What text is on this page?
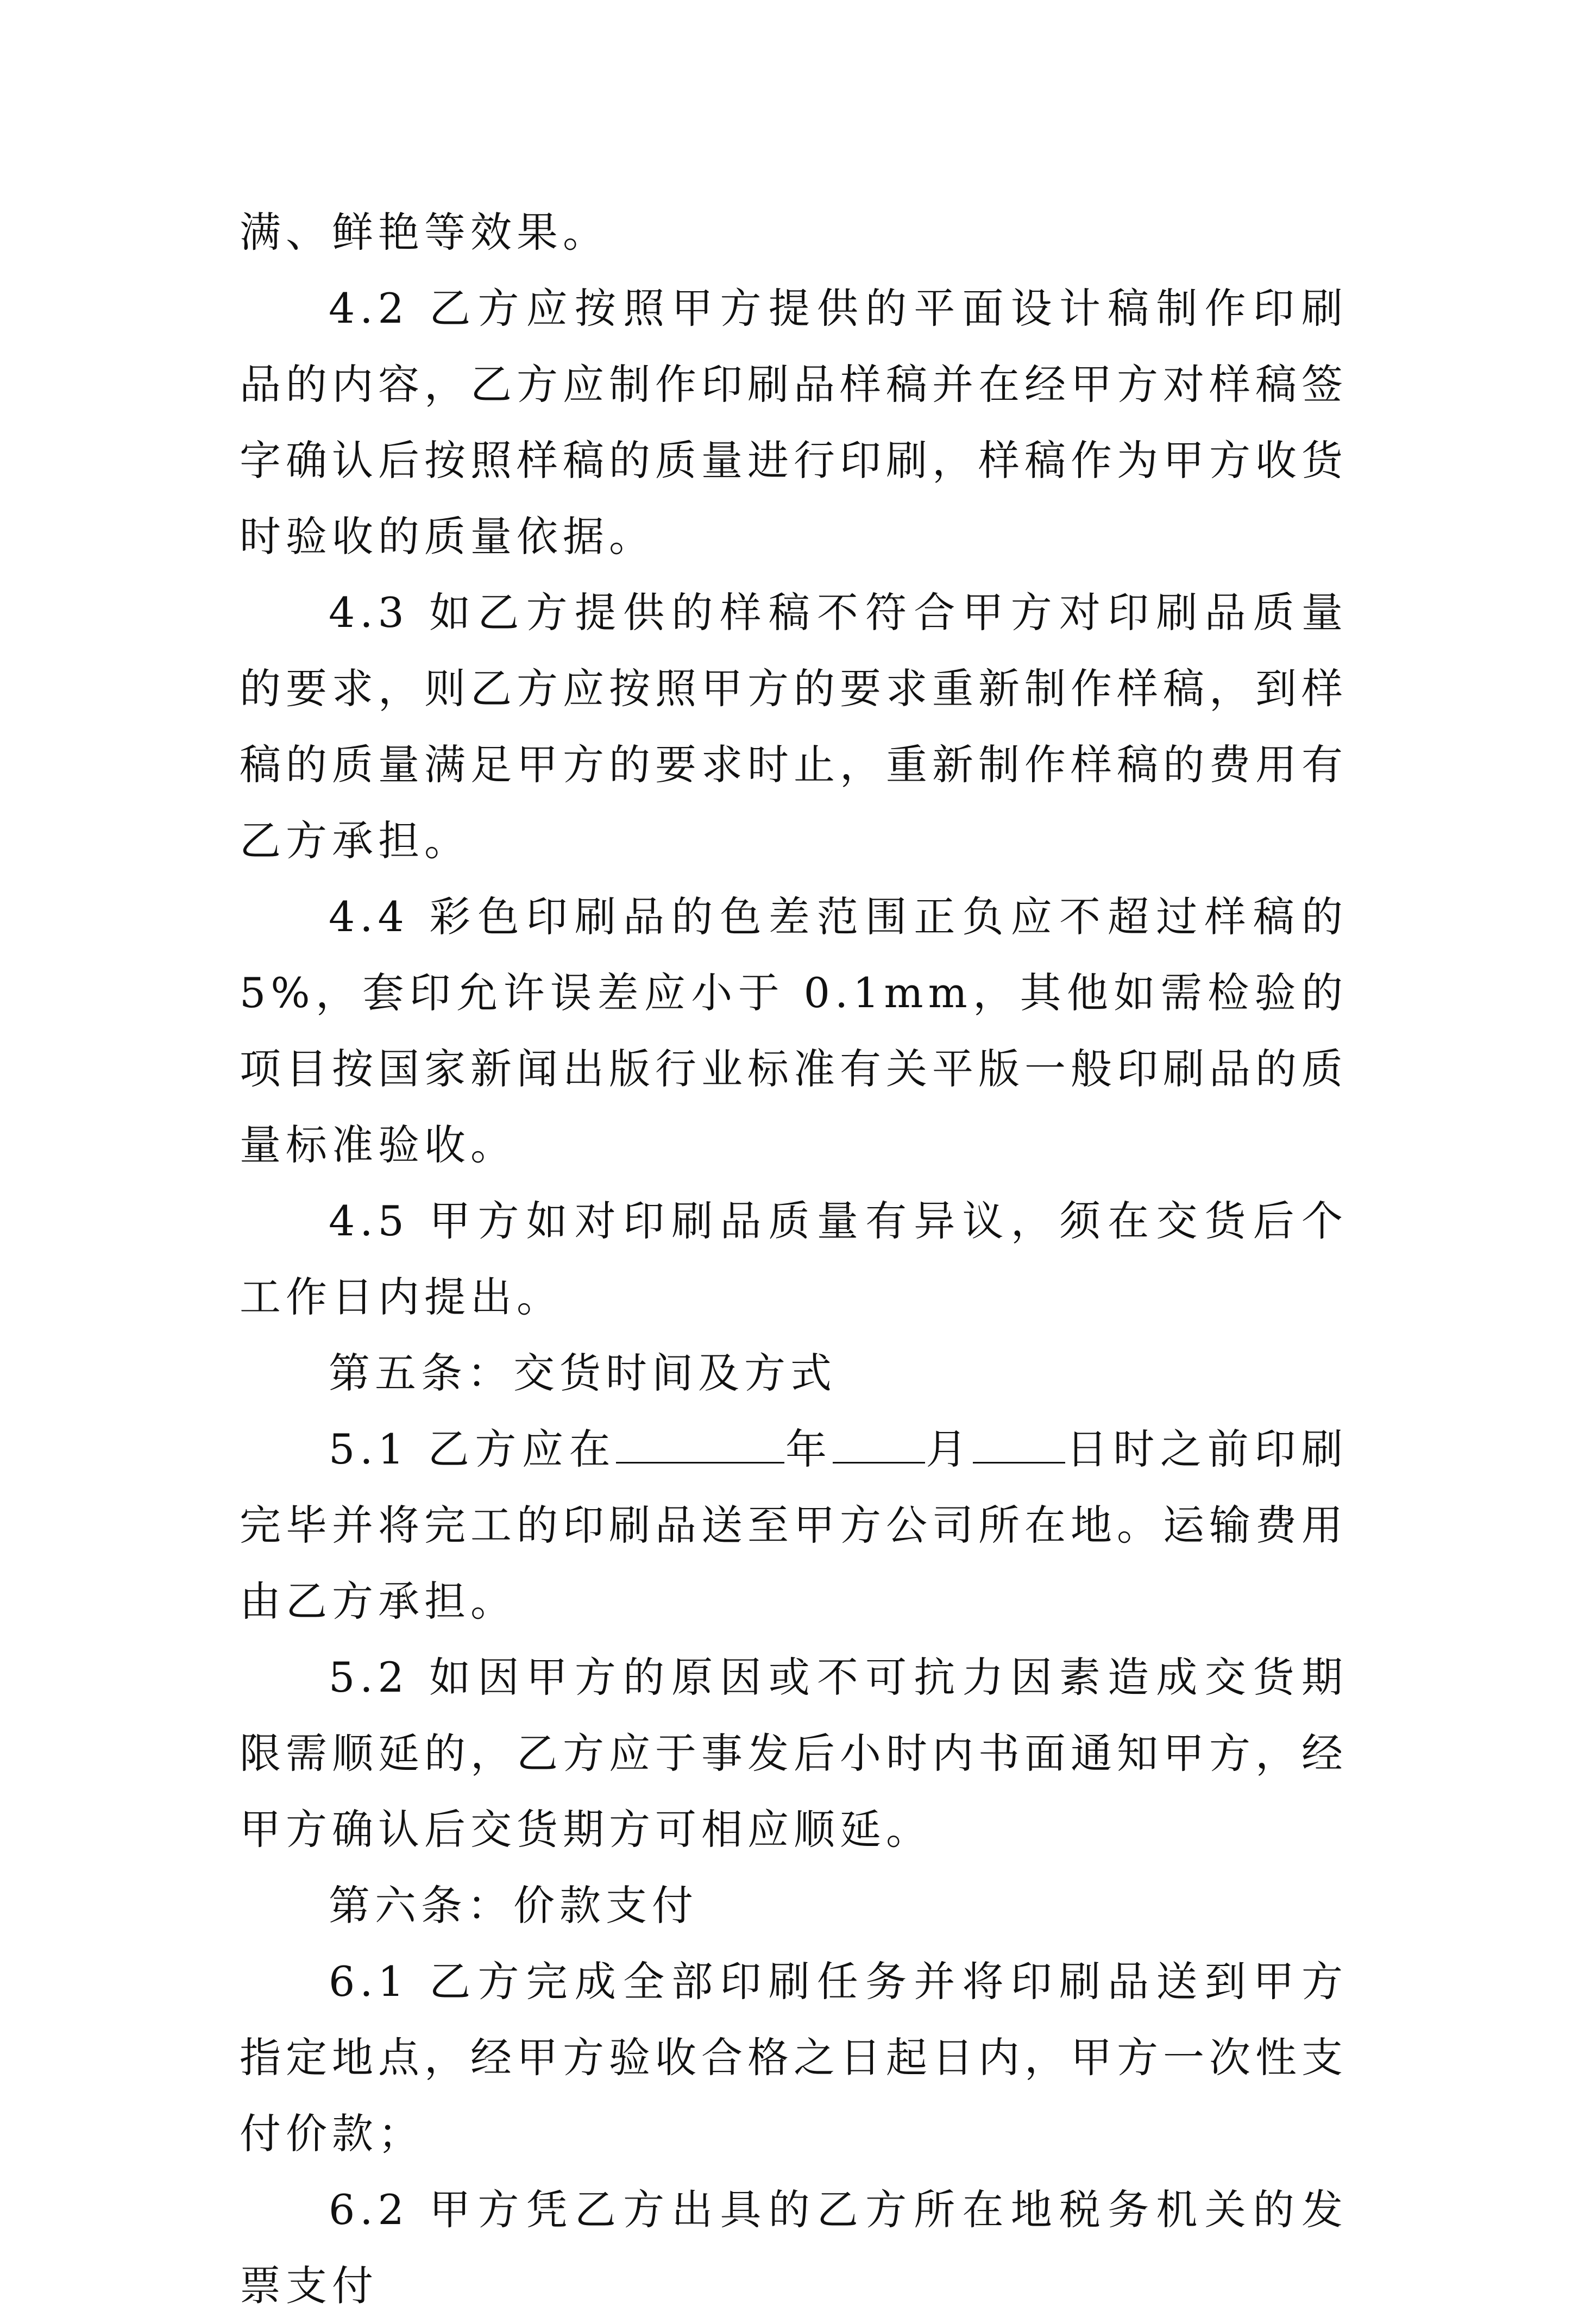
满、鲜艳等效果。

4.2 乙方应按照甲方提供的平面设计稿制作印刷品的内容，乙方应制作印刷品样稿并在经甲方对样稿签字确认后按照样稿的质量进行印刷，样稿作为甲方收货时验收的质量依据。

4.3 如乙方提供的样稿不符合甲方对印刷品质量的要求，则乙方应按照甲方的要求重新制作样稿，到样稿的质量满足甲方的要求时止，重新制作样稿的费用有乙方承担。

4.4 彩色印刷品的色差范围正负应不超过样稿的5%，套印允许误差应小于 0.1mm，其他如需检验的项目按国家新闻出版行业标准有关平版一般印刷品的质量标准验收。

4.5 甲方如对印刷品质量有异议，须在交货后个工作日内提出。

第五条：交货时间及方式

5.1 乙方应在	年 月 日时之前印刷完毕并将完工的印刷品送至甲方公司所在地。运输费用由乙方承担。

5.2 如因甲方的原因或不可抗力因素造成交货期限需顺延的，乙方应于事发后小时内书面通知甲方，经甲方确认后交货期方可相应顺延。

第六条：价款支付

6.1 乙方完成全部印刷任务并将印刷品送到甲方指定地点，经甲方验收合格之日起日内，甲方一次性支付价款；

6.2 甲方凭乙方出具的乙方所在地税务机关的发票支付
